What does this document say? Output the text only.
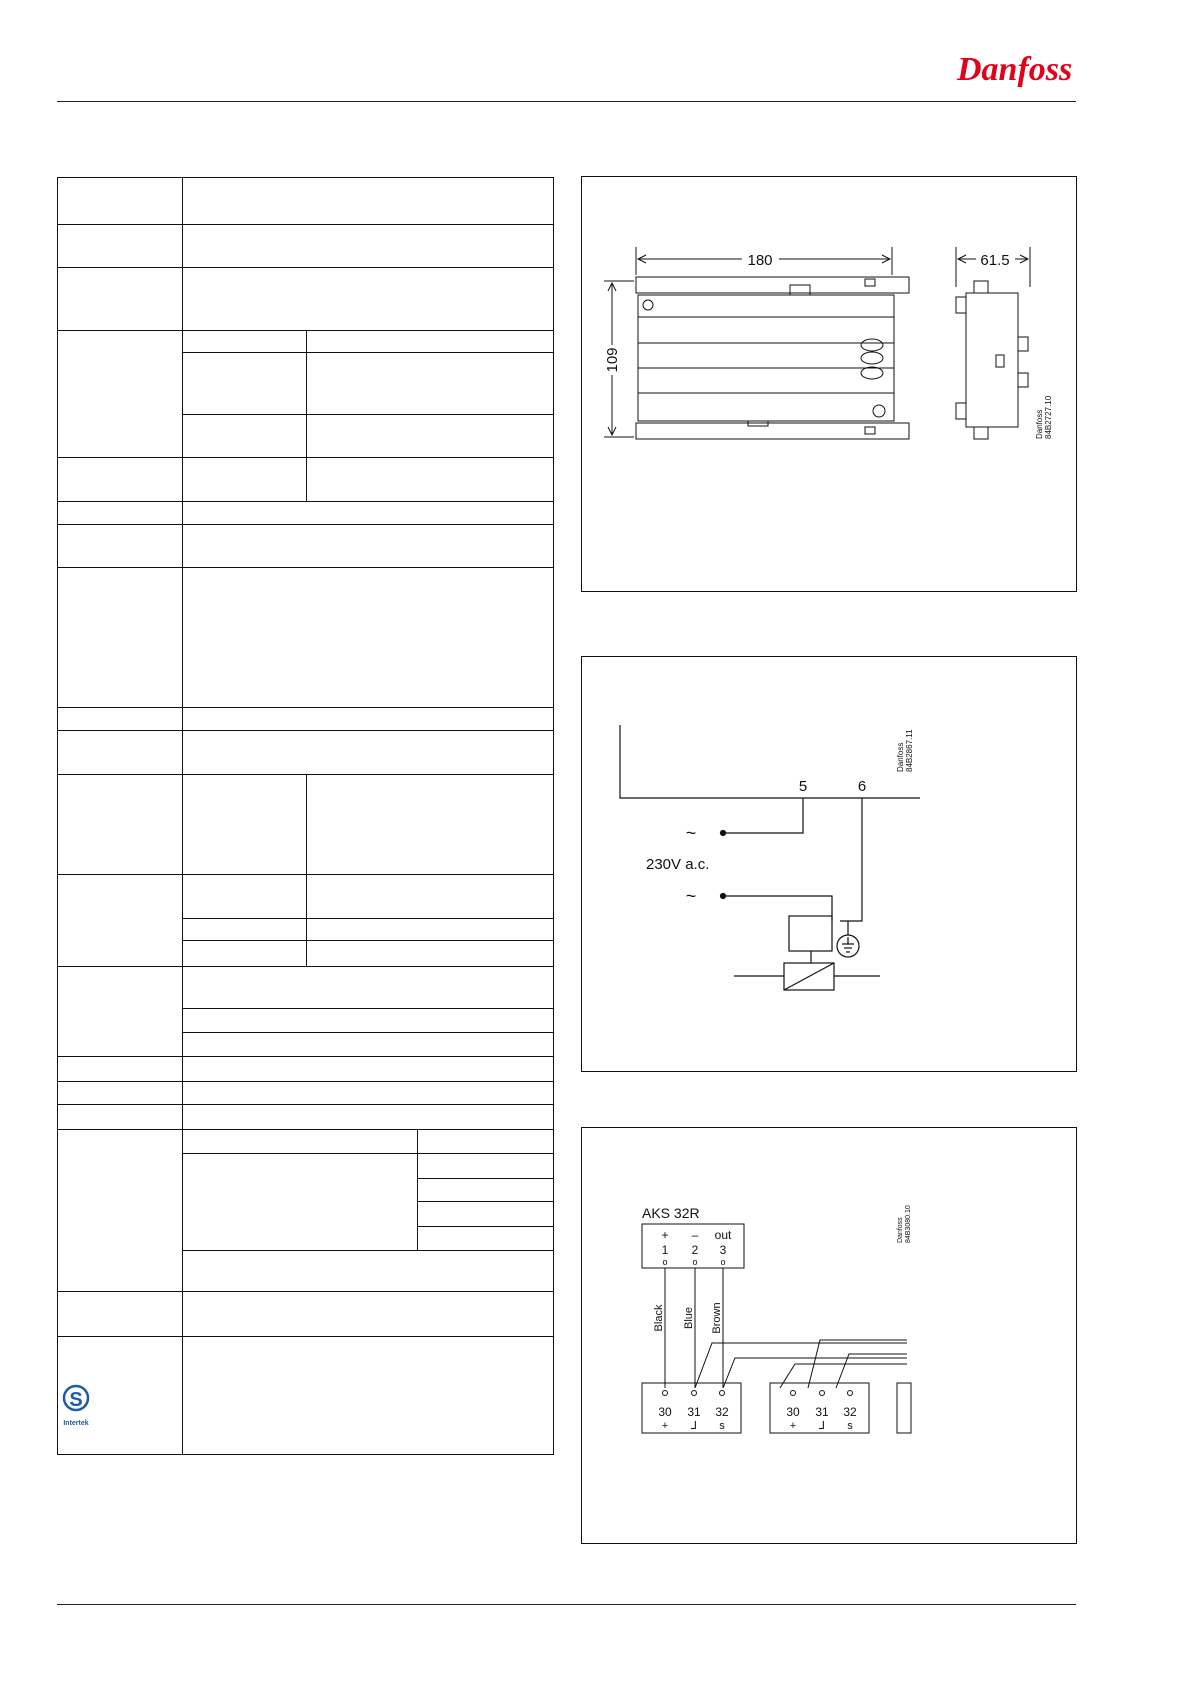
Danfoss
S
Intertek
180	61.5
109
Danfoss 84B2727.10
5	6
~
~
230V a.c.
Danfoss 84B2867.11
AKS 32R
+ – out
1 2 3
o	o	o
Black Blue Brown
30 31 32
+ ⅃ s
30 31 32
+ ⅃ s
Danfoss 84B3080.10
